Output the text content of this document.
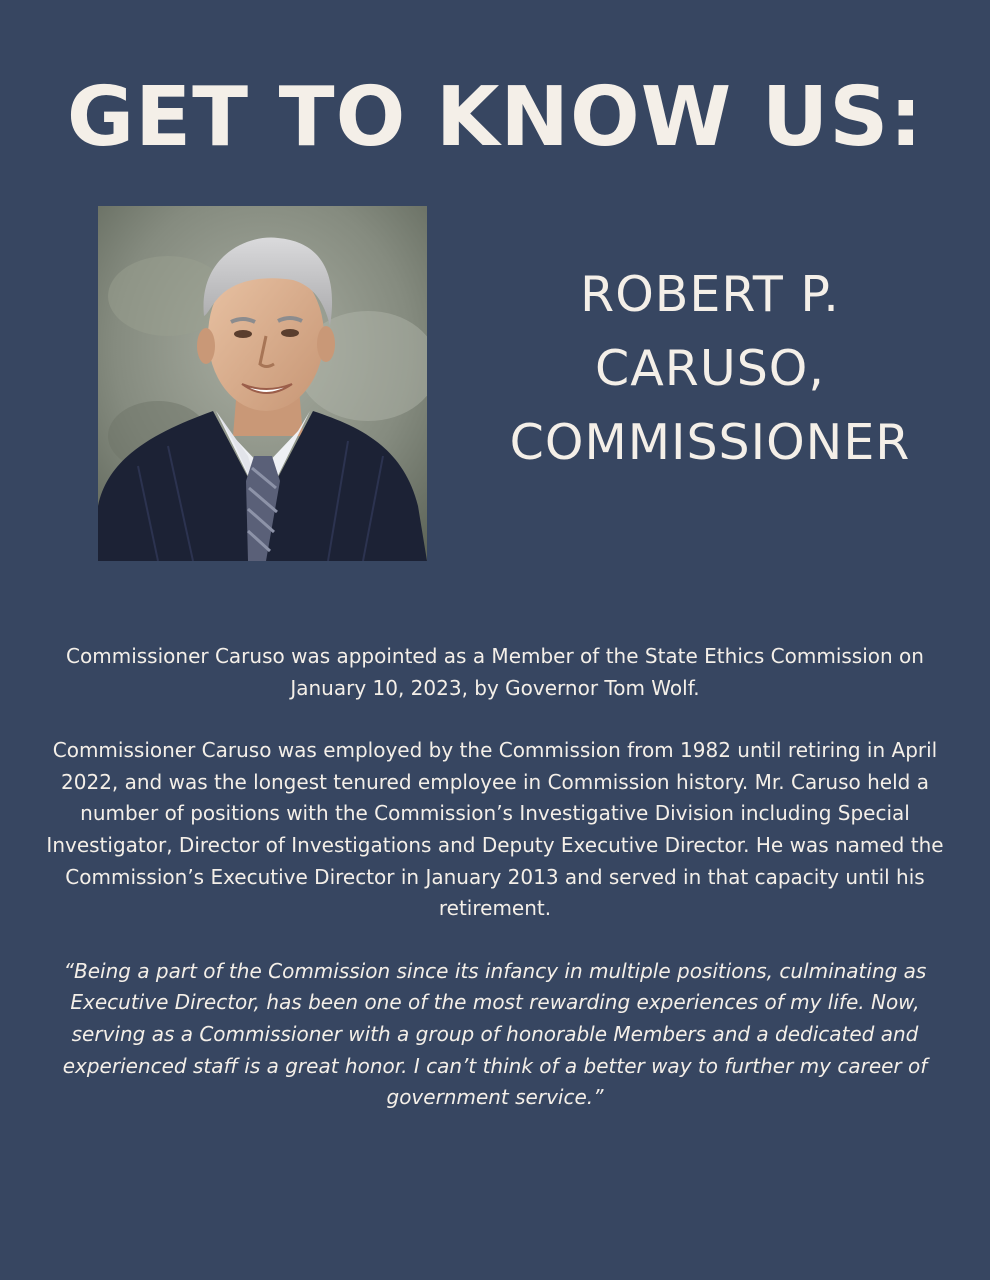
GET TO KNOW US:
ROBERT P.
CARUSO,
COMMISSIONER

Commissioner Caruso was appointed as a Member of the State Ethics Commission on January 10, 2023, by Governor Tom Wolf.

Commissioner Caruso was employed by the Commission from 1982 until retiring in April 2022, and was the longest tenured employee in Commission history. Mr. Caruso held a number of positions with the Commission’s Investigative Division including Special Investigator, Director of Investigations and Deputy Executive Director. He was named the Commission’s Executive Director in January 2013 and served in that capacity until his retirement.

“Being a part of the Commission since its infancy in multiple positions, culminating as Executive Director, has been one of the most rewarding experiences of my life. Now, serving as a Commissioner with a group of honorable Members and a dedicated and experienced staff is a great honor. I can’t think of a better way to further my career of government service.”
